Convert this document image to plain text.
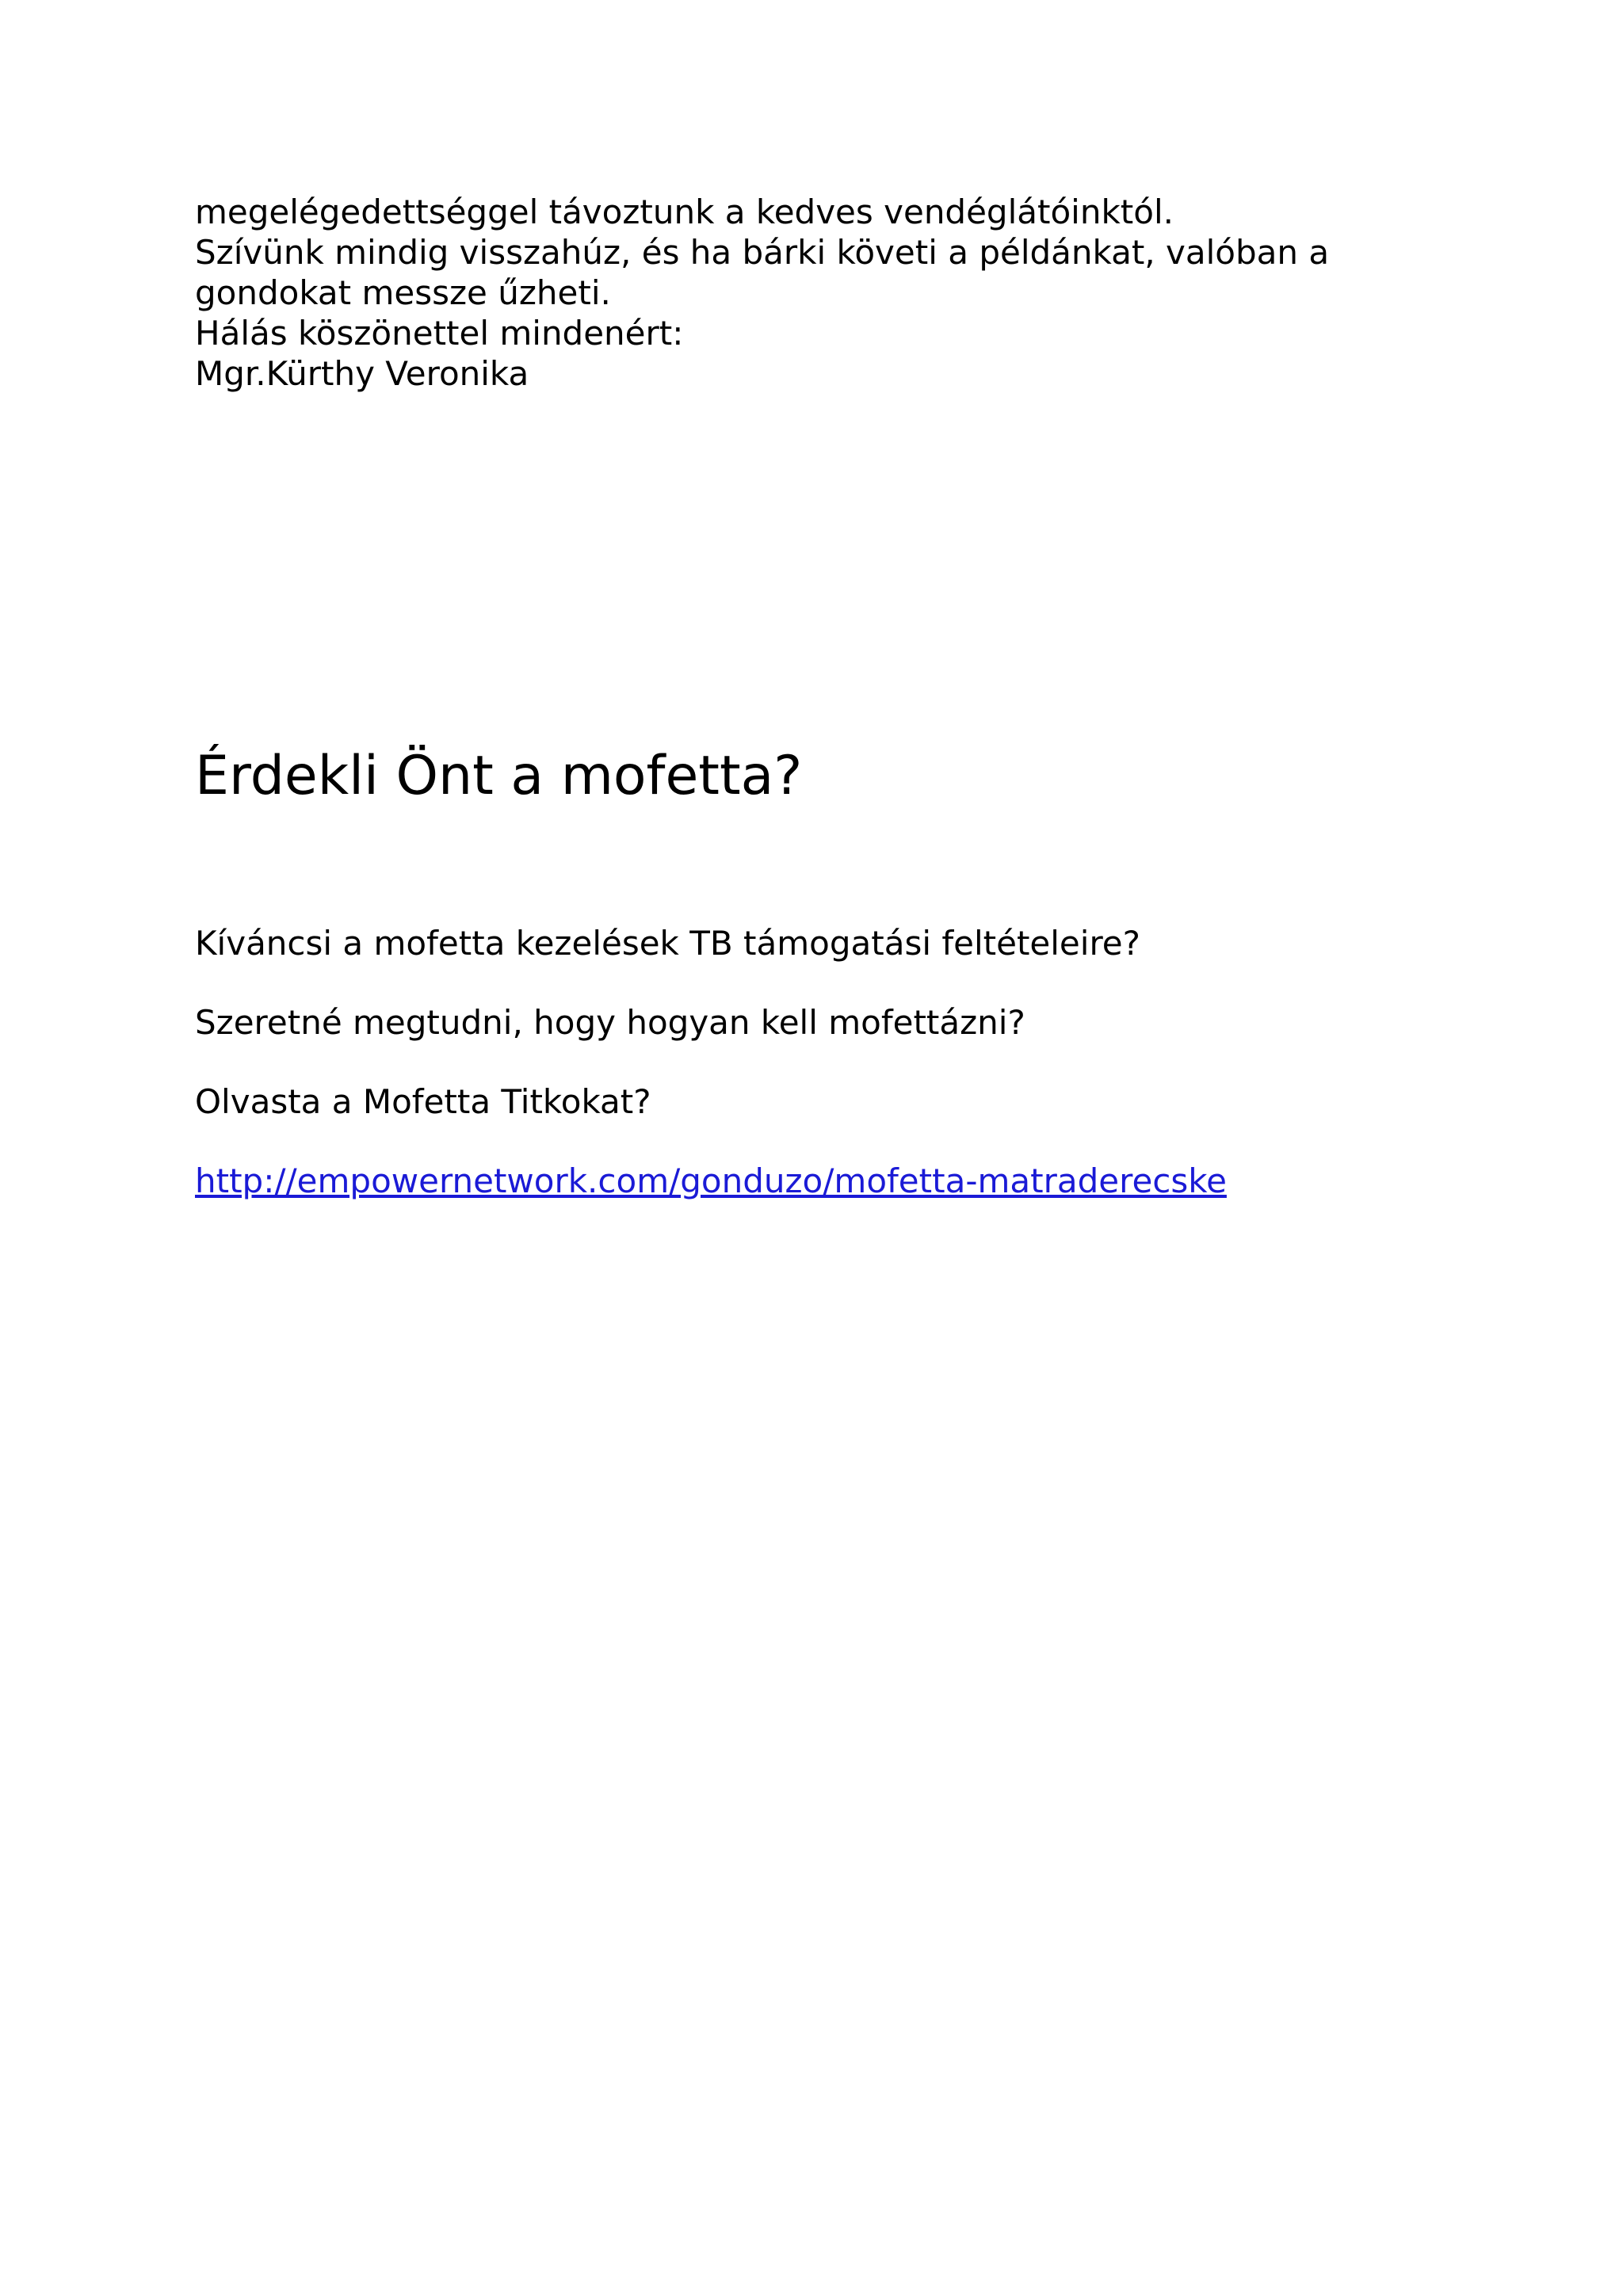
megelégedettséggel távoztunk a kedves vendéglátóinktól.
Szívünk mindig visszahúz, és ha bárki követi a példánkat, valóban a
gondokat messze űzheti.
Hálás köszönettel mindenért:
Mgr.Kürthy Veronika
Érdekli Önt a mofetta?

Kíváncsi a mofetta kezelések TB támogatási feltételeire?

Szeretné megtudni, hogy hogyan kell mofettázni?

Olvasta a Mofetta Titkokat?

http://empowernetwork.com/gonduzo/mofetta-matraderecske
